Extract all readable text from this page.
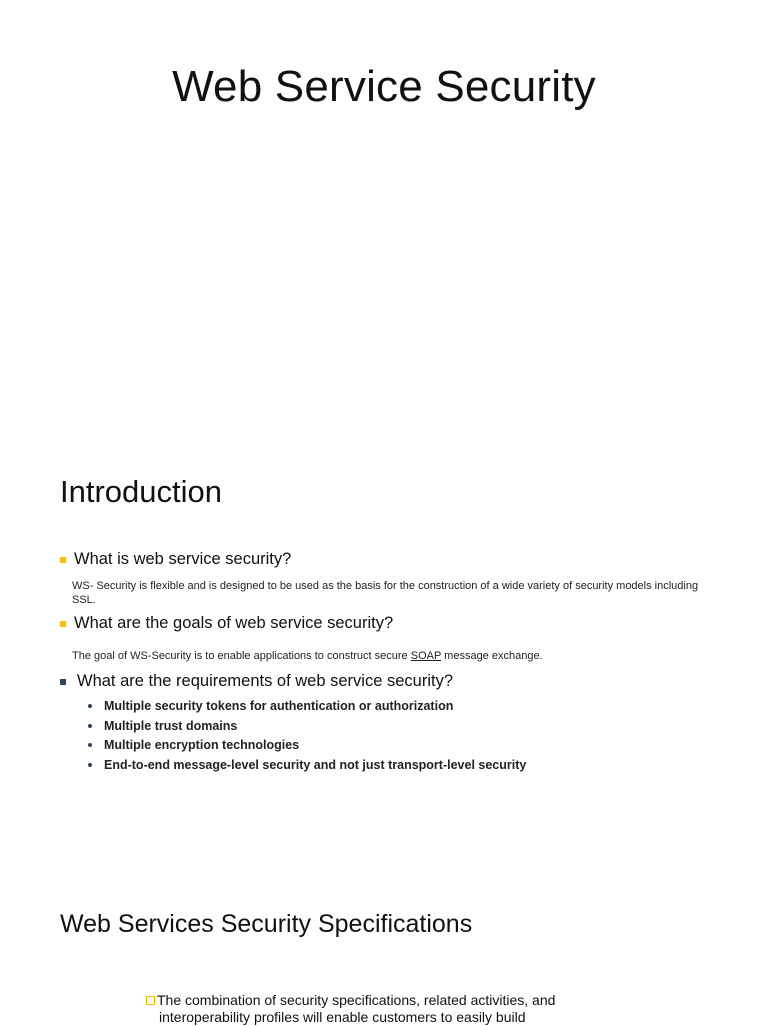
Web Service Security
Introduction
What is web service security?
WS- Security is flexible and is designed to be used as the basis for the construction of a wide variety of security models including SSL.
What are the goals of web service security?
The goal of WS-Security is to enable applications to construct secure SOAP message exchange.
What are the requirements of web service security?
Multiple security tokens for authentication or authorization
Multiple trust domains
Multiple encryption technologies
End-to-end message-level security and not just transport-level security
Web Services Security Specifications
The combination of security specifications, related activities, and
interoperability profiles will enable customers to easily build
